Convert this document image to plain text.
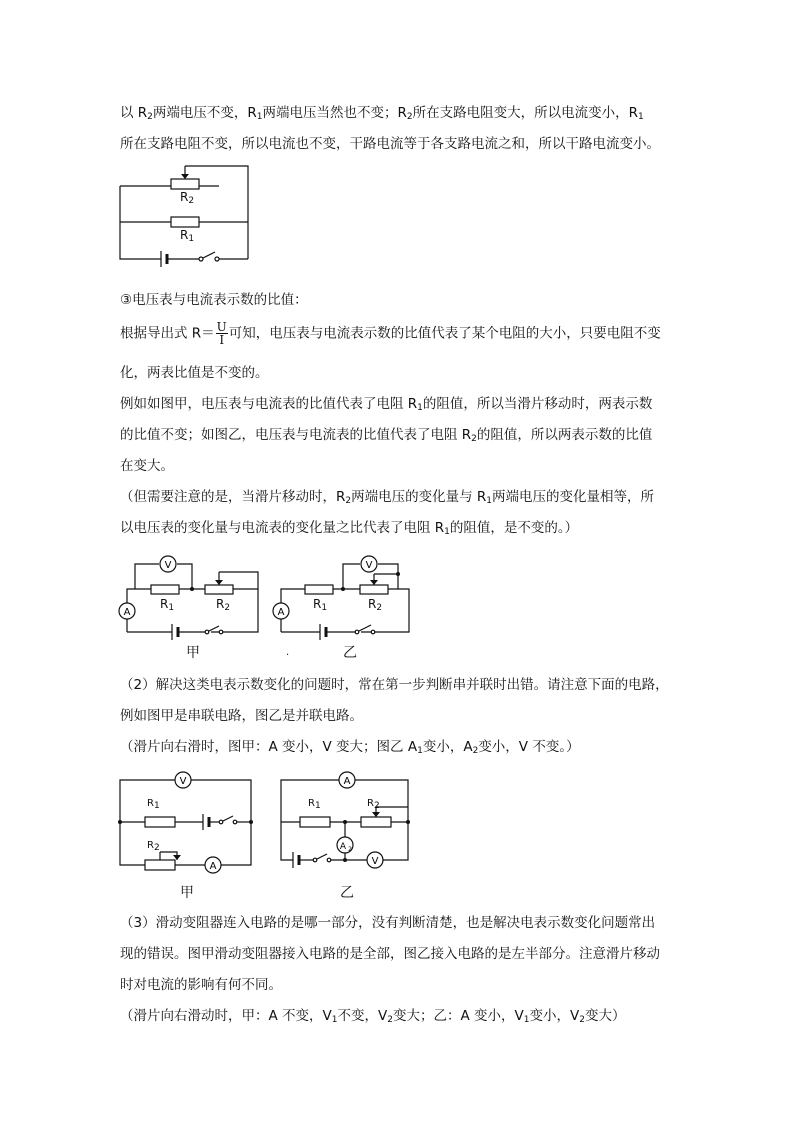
以 $R_2$两端电压不变，$R_1$两端电压当然也不变；$R_2$所在支路电阻变大，所以电流变小，$R_1$
所在支路电阻不变，所以电流也不变，干路电流等于各支路电流之和，所以干路电流变小。
$R_2$
$R_1$
③电压表与电流表示数的比值：
根据导出式 $R= \frac{U}{I}$ 可知，电压表与电流表示数的比值代表了某个电阻的大小，只要电阻不变
化，两表比值是不变的。
例如如图甲，电压表与电流表的比值代表了电阻 $R_1$的阻值，所以当滑片移动时，两表示数
的比值不变；如图乙，电压表与电流表的比值代表了电阻 $R_2$的阻值，所以两表示数的比值
在变大。
（但需要注意的是，当滑片移动时，$R_2$两端电压的变化量与 $R_1$两端电压的变化量相等，所
以电压表的变化量与电流表的变化量之比代表了电阻 $R_1$的阻值，是不变的。）
V
A
V
A
$R_1$	$R_2$	$R_1$	$R_2$
甲	.	乙
（2）解决这类电表示数变化的问题时，常在第一步判断串并联时出错。请注意下面的电路，
例如图甲是串联电路，图乙是并联电路。
（滑片向右滑时，图甲：A 变小，V 变大；图乙 $A_1$变小，$A_2$变小，V 不变。）
V
A
A
A 2
V
$R_1$
$R_2$
$R_1$	$R_2$
甲	乙
（3）滑动变阻器连入电路的是哪一部分，没有判断清楚，也是解决电表示数变化问题常出
现的错误。图甲滑动变阻器接入电路的是全部，图乙接入电路的是左半部分。注意滑片移动
时对电流的影响有何不同。
（滑片向右滑动时，甲：A 不变，$V_1$不变，$V_2$变大；乙：A 变小，$V_1$变小，$V_2$变大）
